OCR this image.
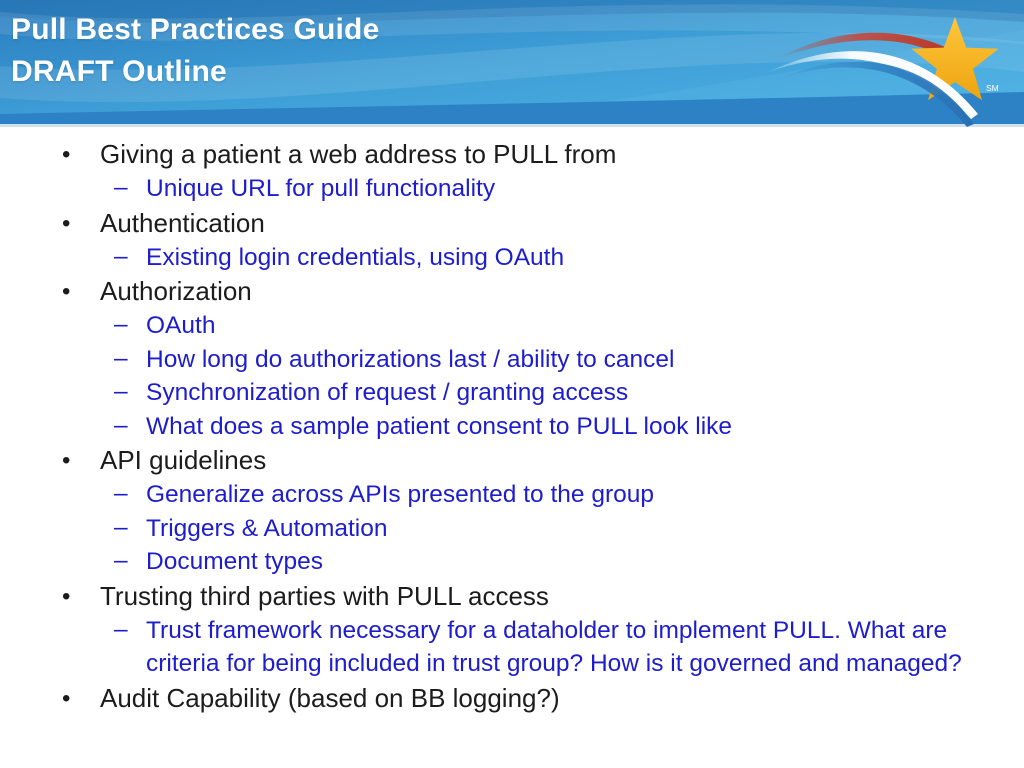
Pull Best Practices Guide
DRAFT Outline	SM
• Giving a patient a web address to PULL from
– Unique URL for pull functionality
• Authentication
– Existing login credentials, using OAuth
• Authorization
– OAuth
– How long do authorizations last / ability to cancel
– Synchronization of request / granting access
– What does a sample patient consent to PULL look like
• API guidelines
– Generalize across APIs presented to the group
– Triggers & Automation
– Document types
• Trusting third parties with PULL access
– Trust framework necessary for a dataholder to implement PULL. What are criteria for being included in trust group? How is it governed and managed?
• Audit Capability (based on BB logging?)
